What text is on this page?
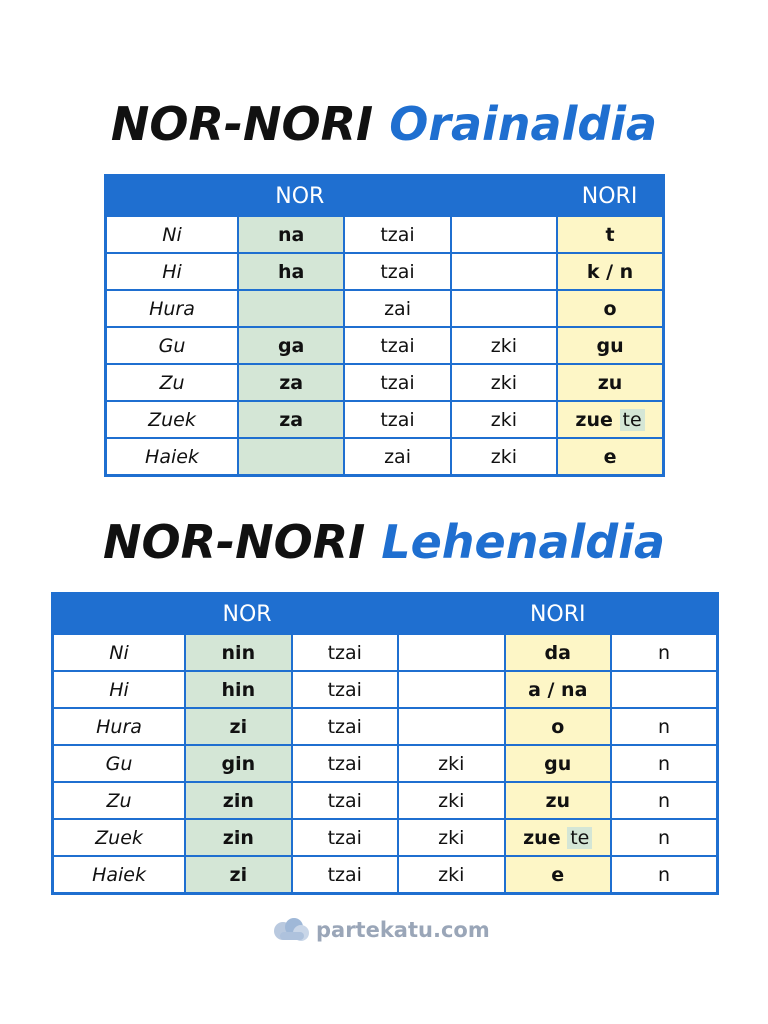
NOR-NORI Orainaldia
NOR				NORI
Ni	na	tzai		t
Hi	ha	tzai		k / n
Hura		zai		o
Gu	ga	tzai	zki	gu
Zu	za	tzai	zki	zu
Zuek	za	tzai	zki	zue te
Haiek		zai	zki	e
NOR-NORI Lehenaldia
NOR				NORI	
Ni	nin	tzai		da	n
Hi	hin	tzai		a / na	
Hura	zi	tzai		o	n
Gu	gin	tzai	zki	gu	n
Zu	zin	tzai	zki	zu	n
Zuek	zin	tzai	zki	zue te	n
Haiek	zi	tzai	zki	e	n
partekatu.com
